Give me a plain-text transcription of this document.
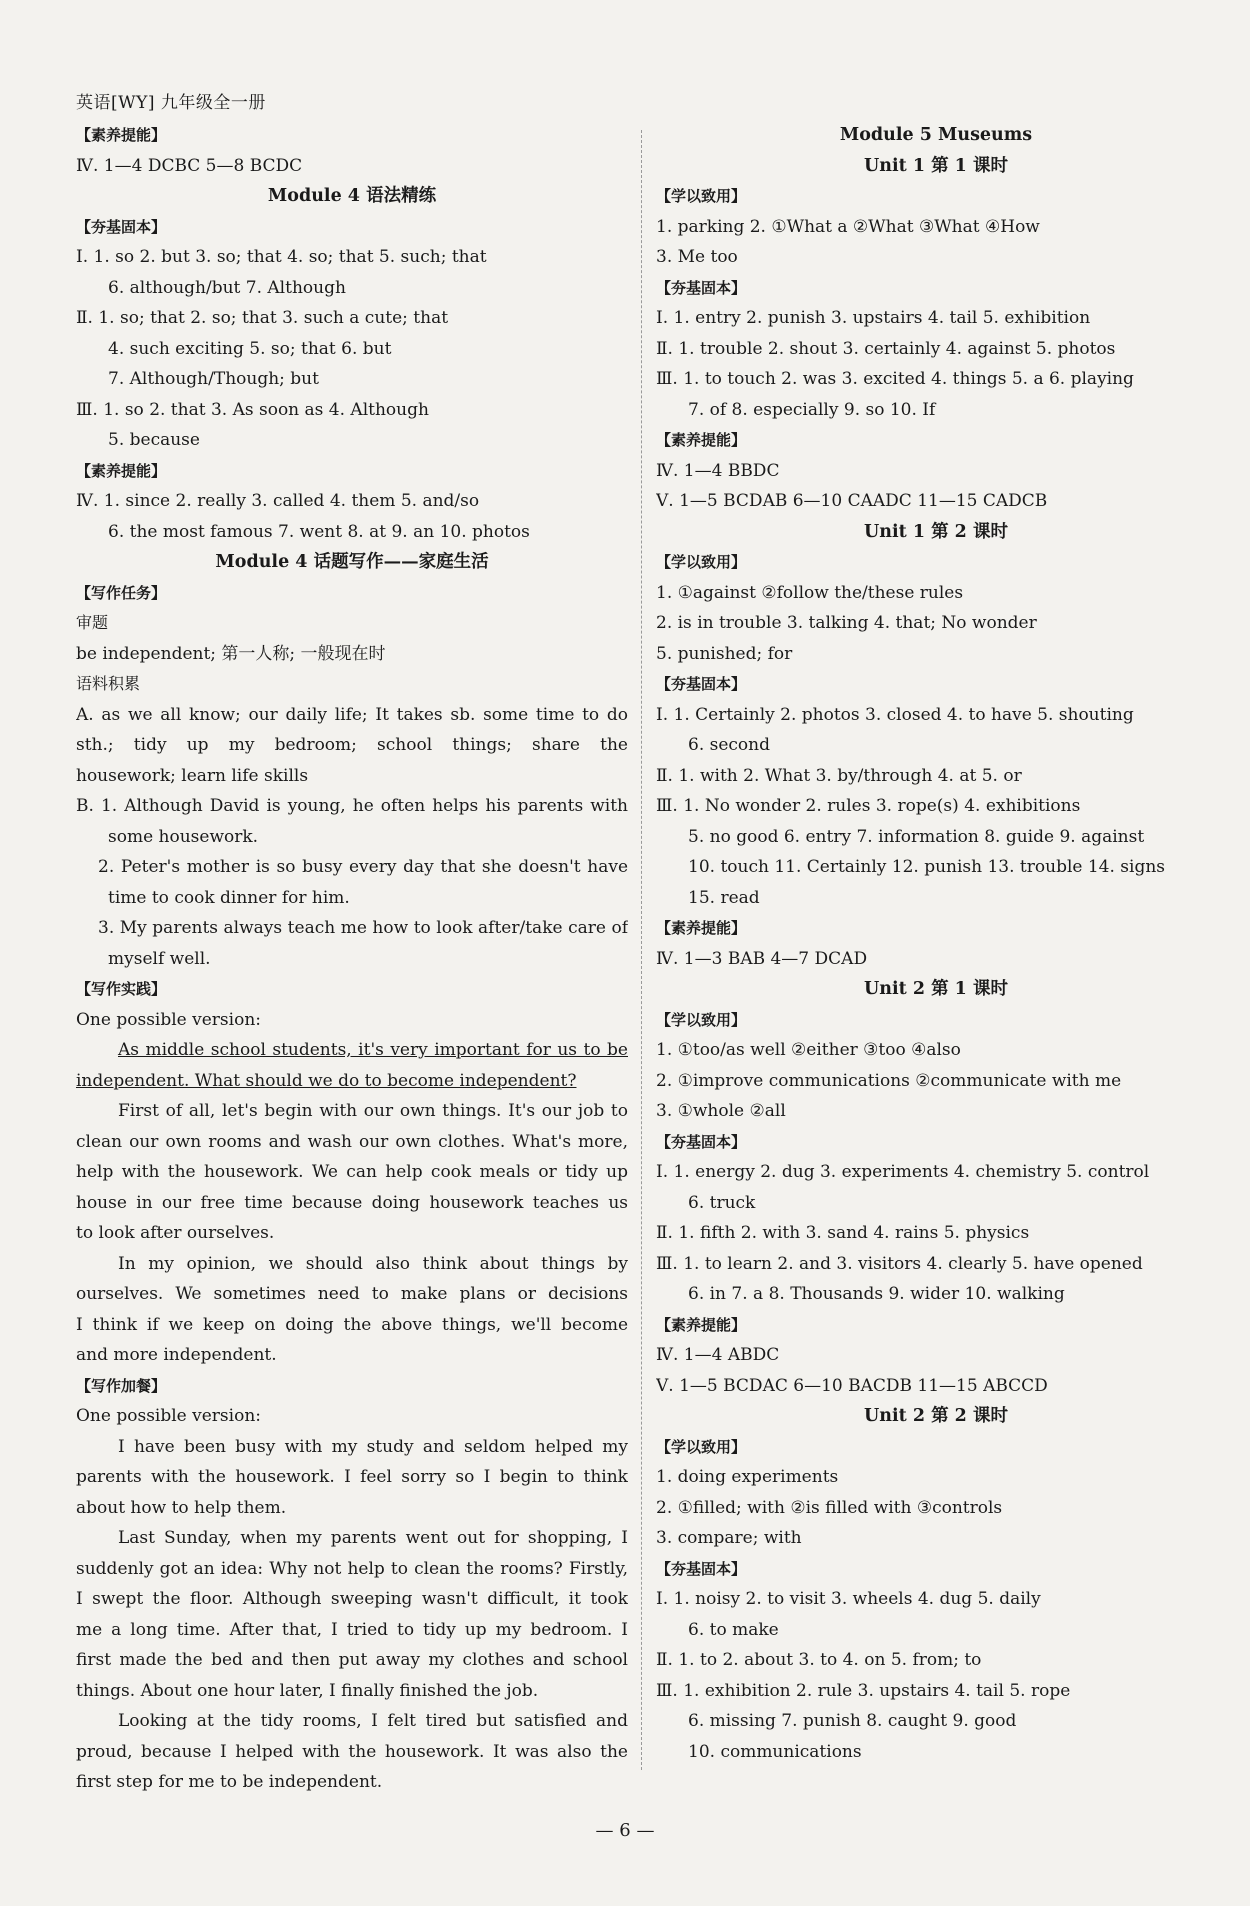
英语[WY] 九年级全一册
【素养提能】
Ⅳ. 1—4 DCBC 5—8 BCDC
Module 4 语法精练
【夯基固本】
Ⅰ. 1. so 2. but 3. so; that 4. so; that 5. such; that
6. although/but 7. Although
Ⅱ. 1. so; that 2. so; that 3. such a cute; that
4. such exciting 5. so; that 6. but
7. Although/Though; but
Ⅲ. 1. so 2. that 3. As soon as 4. Although
5. because
【素养提能】
Ⅳ. 1. since 2. really 3. called 4. them 5. and/so
6. the most famous 7. went 8. at 9. an 10. photos
Module 4 话题写作——家庭生活
【写作任务】
审题
be independent; 第一人称; 一般现在时
语料积累
A. as we all know; our daily life; It takes sb. some time to do
sth.; tidy up my bedroom; school things; share the
housework; learn life skills
B. 1. Although David is young, he often helps his parents with
some housework.
2. Peter's mother is so busy every day that she doesn't have
time to cook dinner for him.
3. My parents always teach me how to look after/take care of
myself well.
【写作实践】
One possible version:
As middle school students, it's very important for us to be
independent. What should we do to become independent?
First of all, let's begin with our own things. It's our job to
clean our own rooms and wash our own clothes. What's more,
help with the housework. We can help cook meals or tidy up
house in our free time because doing housework teaches us
to look after ourselves.
In my opinion, we should also think about things by
ourselves. We sometimes need to make plans or decisions
I think if we keep on doing the above things, we'll become
and more independent.
【写作加餐】
One possible version:
I have been busy with my study and seldom helped my
parents with the housework. I feel sorry so I begin to think
about how to help them.
Last Sunday, when my parents went out for shopping, I
suddenly got an idea: Why not help to clean the rooms? Firstly,
I swept the floor. Although sweeping wasn't difficult, it took
me a long time. After that, I tried to tidy up my bedroom. I
first made the bed and then put away my clothes and school
things. About one hour later, I finally finished the job.
Looking at the tidy rooms, I felt tired but satisfied and
proud, because I helped with the housework. It was also the
first step for me to be independent.
Module 5 Museums
Unit 1 第 1 课时
【学以致用】
1. parking 2. ①What a ②What ③What ④How
3. Me too
【夯基固本】
Ⅰ. 1. entry 2. punish 3. upstairs 4. tail 5. exhibition
Ⅱ. 1. trouble 2. shout 3. certainly 4. against 5. photos
Ⅲ. 1. to touch 2. was 3. excited 4. things 5. a 6. playing
7. of 8. especially 9. so 10. If
【素养提能】
Ⅳ. 1—4 BBDC
Ⅴ. 1—5 BCDAB 6—10 CAADC 11—15 CADCB
Unit 1 第 2 课时
【学以致用】
1. ①against ②follow the/these rules
2. is in trouble 3. talking 4. that; No wonder
5. punished; for
【夯基固本】
Ⅰ. 1. Certainly 2. photos 3. closed 4. to have 5. shouting
6. second
Ⅱ. 1. with 2. What 3. by/through 4. at 5. or
Ⅲ. 1. No wonder 2. rules 3. rope(s) 4. exhibitions
5. no good 6. entry 7. information 8. guide 9. against
10. touch 11. Certainly 12. punish 13. trouble 14. signs
15. read
【素养提能】
Ⅳ. 1—3 BAB 4—7 DCAD
Unit 2 第 1 课时
【学以致用】
1. ①too/as well ②either ③too ④also
2. ①improve communications ②communicate with me
3. ①whole ②all
【夯基固本】
Ⅰ. 1. energy 2. dug 3. experiments 4. chemistry 5. control
6. truck
Ⅱ. 1. fifth 2. with 3. sand 4. rains 5. physics
Ⅲ. 1. to learn 2. and 3. visitors 4. clearly 5. have opened
6. in 7. a 8. Thousands 9. wider 10. walking
【素养提能】
Ⅳ. 1—4 ABDC
Ⅴ. 1—5 BCDAC 6—10 BACDB 11—15 ABCCD
Unit 2 第 2 课时
【学以致用】
1. doing experiments
2. ①filled; with ②is filled with ③controls
3. compare; with
【夯基固本】
Ⅰ. 1. noisy 2. to visit 3. wheels 4. dug 5. daily
6. to make
Ⅱ. 1. to 2. about 3. to 4. on 5. from; to
Ⅲ. 1. exhibition 2. rule 3. upstairs 4. tail 5. rope
6. missing 7. punish 8. caught 9. good
10. communications
— 6 —
